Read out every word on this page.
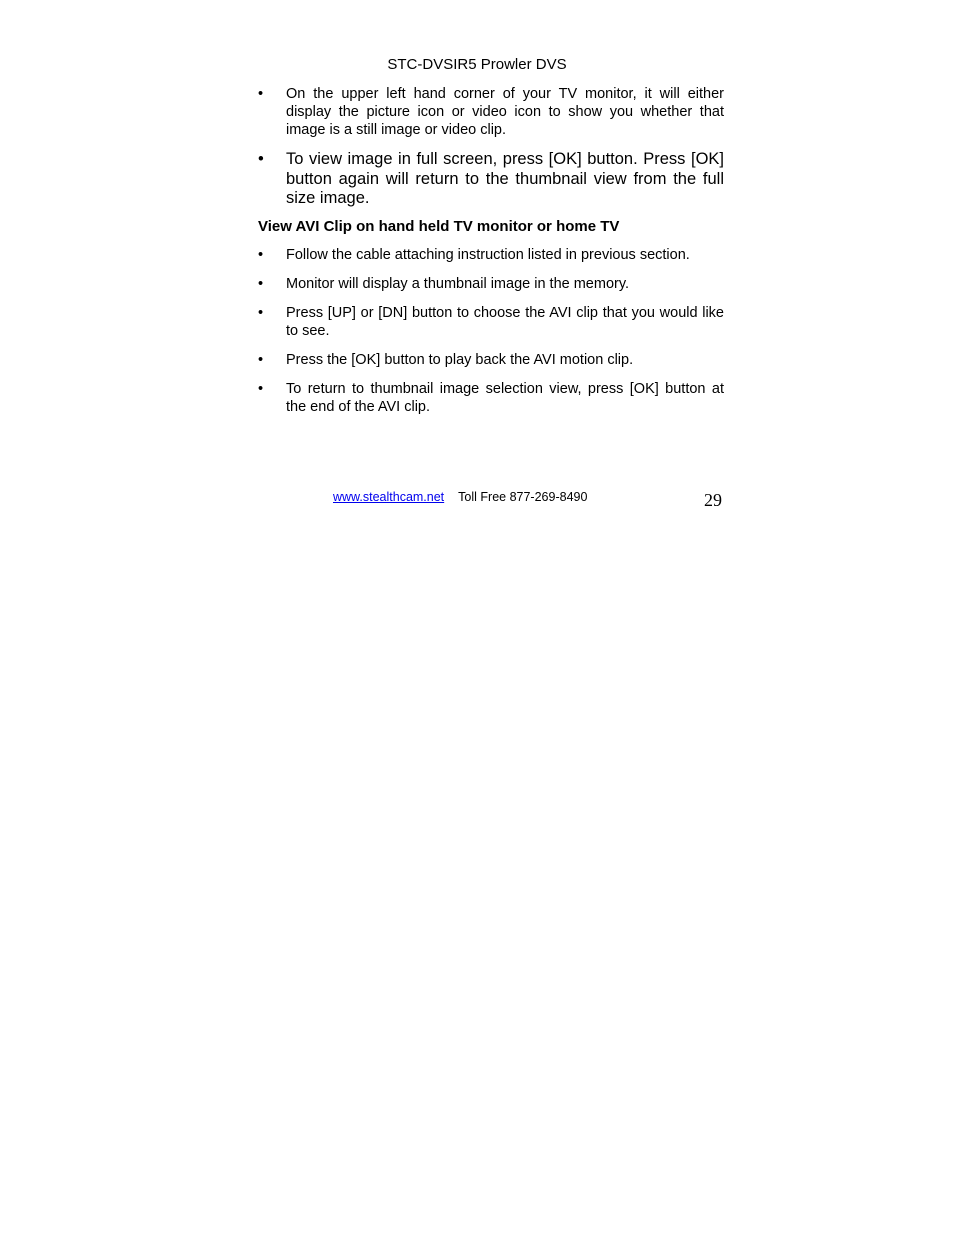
STC-DVSIR5 Prowler DVS
•	On the upper left hand corner of your TV monitor, it will either display the picture icon or video icon to show you whether that image is a still image or video clip.
• To view image in full screen, press [OK] button. Press [OK] button again will return to the thumbnail view from the full size image.
View AVI Clip on hand held TV monitor or home TV
•	Follow the cable attaching instruction listed in previous section.
•	Monitor will display a thumbnail image in the memory.
•	Press [UP] or [DN] button to choose the AVI clip that you would like to see.
•	Press the [OK] button to play back the AVI motion clip.
•	To return to thumbnail image selection view, press [OK] button at the end of the AVI clip.
www.stealthcam.net Toll Free 877-269-8490	29
